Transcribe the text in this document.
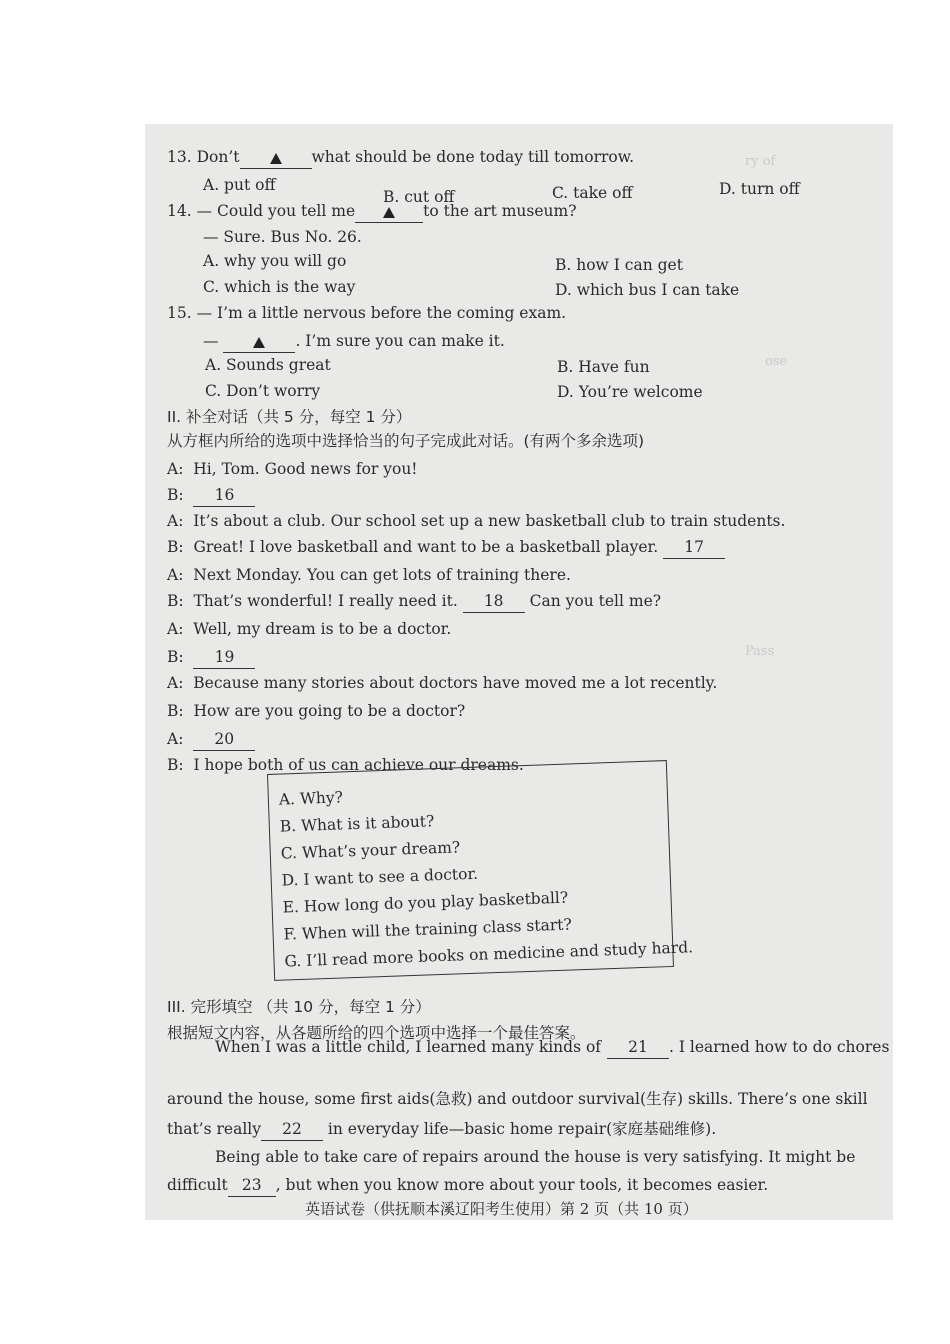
ry of
ose
Pass
13. Don’t	what should be done today till tomorrow.
A. put off
B. cut off	C. take off	D. turn off
14. — Could you tell me	to the art museum?
— Sure. Bus No. 26.
A. why you will go	B. how I can get
C. which is the way	D. which bus I can take
15. — I’m a little nervous before the coming exam.
—	. I’m sure you can make it.
A. Sounds great	B. Have fun
C. Don’t worry	D. You’re welcome
II. 补全对话（共 5 分，每空 1 分）
从方框内所给的选项中选择恰当的句子完成此对话。(有两个多余选项)
A:  Hi, Tom. Good news for you!
B:  16
A:  It’s about a club. Our school set up a new basketball club to train students.
B:  Great! I love basketball and want to be a basketball player. 17
A:  Next Monday. You can get lots of training there.
B:  That’s wonderful! I really need it. 18 Can you tell me?
A:  Well, my dream is to be a doctor.
B:  19
A:  Because many stories about doctors have moved me a lot recently.
B:  How are you going to be a doctor?
A:  20
B:  I hope both of us can achieve our dreams.
A. Why?
B. What is it about?
C. What’s your dream?
D. I want to see a doctor.
E. How long do you play basketball?
F. When will the training class start?
G. I’ll read more books on medicine and study hard.
III. 完形填空 （共 10 分，每空 1 分）
根据短文内容，从各题所给的四个选项中选择一个最佳答案。
21 . I learned how to do chores
When I was a little child, I learned many kinds of
around the house, some first aids(急救) and outdoor survival(生存) skills. There’s one skill
that’s really 22 in everyday life—basic home repair(家庭基础维修).
Being able to take care of repairs around the house is very satisfying. It might be
difficult 23 , but when you know more about your tools, it becomes easier.
英语试卷（供抚顺本溪辽阳考生使用）第 2 页（共 10 页）
